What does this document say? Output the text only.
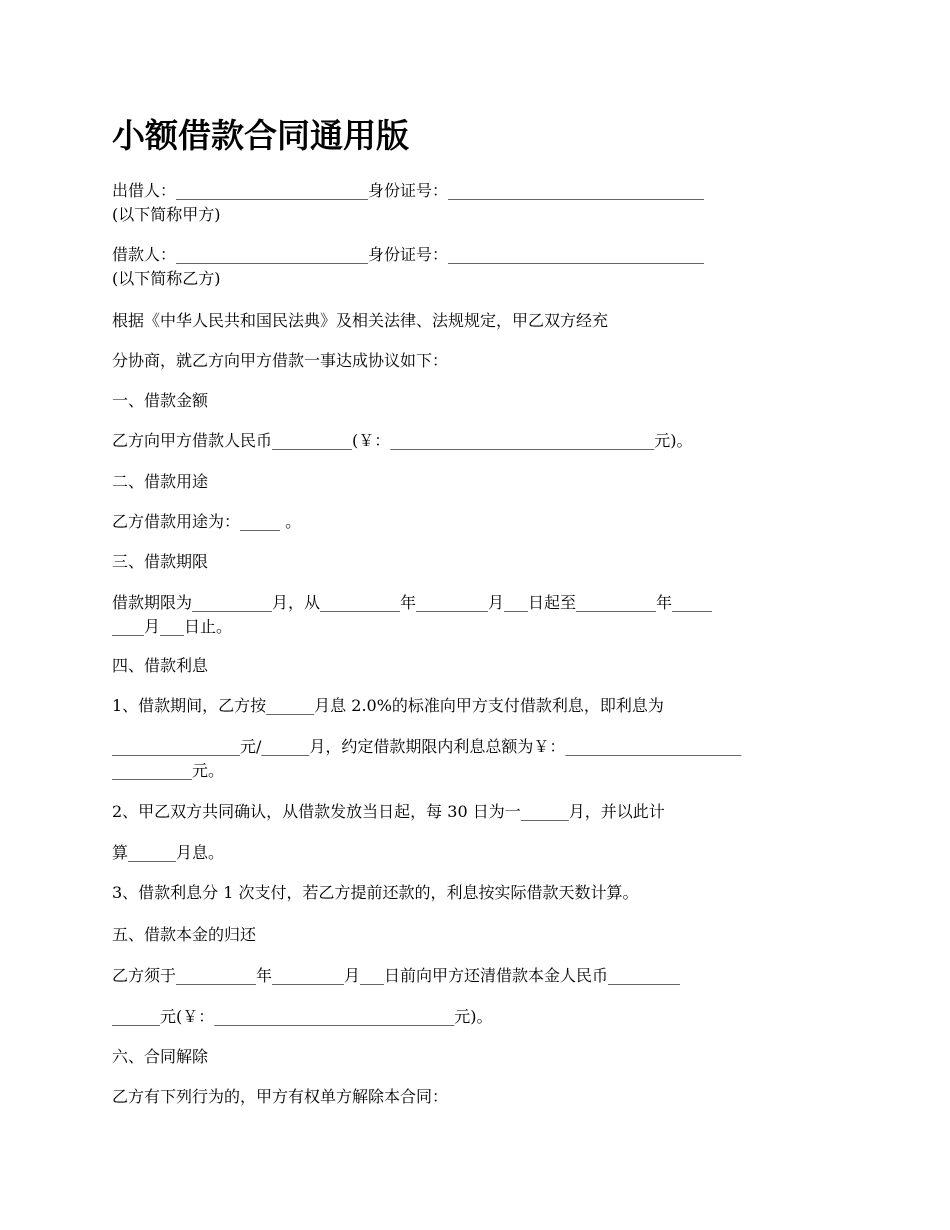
小额借款合同通用版

出借人：________________________身份证号：________________________________

(以下简称甲方)

借款人：________________________身份证号：________________________________

(以下简称乙方)

根据《中华人民共和国民法典》及相关法律、法规规定，甲乙双方经充

分协商，就乙方向甲方借款一事达成协议如下：

一、借款金额

乙方向甲方借款人民币__________(￥：_________________________________元)。

二、借款用途

乙方借款用途为：_____ 。

三、借款期限

借款期限为__________月，从__________年_________月___日起至__________年_____

____月___日止。

四、借款利息

1、借款期间，乙方按______月息 2.0%的标准向甲方支付借款利息，即利息为

________________元/______月，约定借款期限内利息总额为￥：______________________

__________元。

2、甲乙双方共同确认，从借款发放当日起，每 30 日为一______月，并以此计

算______月息。

3、借款利息分 1 次支付，若乙方提前还款的，利息按实际借款天数计算。

五、借款本金的归还

乙方须于__________年_________月___日前向甲方还清借款本金人民币_________

______元(￥：______________________________元)。

六、合同解除

乙方有下列行为的，甲方有权单方解除本合同：
